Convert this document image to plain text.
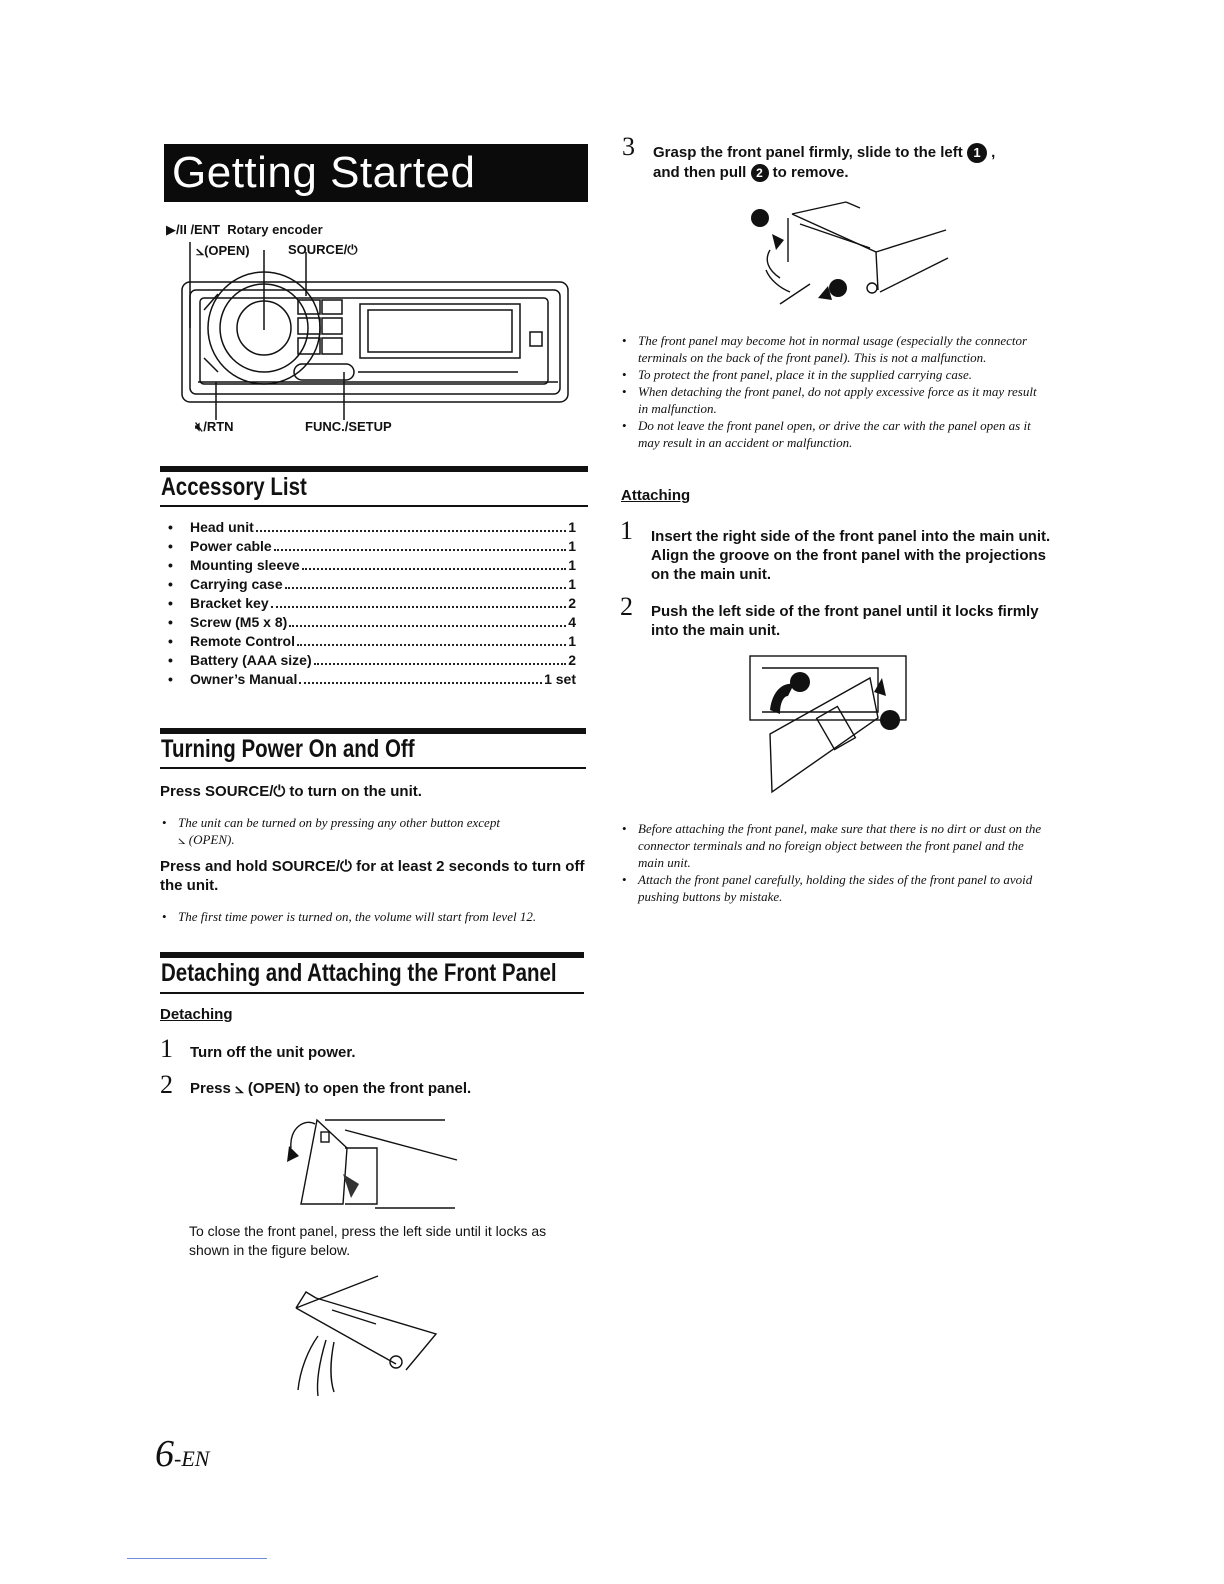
Getting Started
▶/II /ENT Rotary encoder
⦣(OPEN)	SOURCE/⏻
🔇︎/RTN	FUNC./SETUP
Accessory List
•	Head unit	1
•	Power cable	1
•	Mounting sleeve	1
•	Carrying case	1
•	Bracket key	2
•	Screw (M5 x 8)	4
•	Remote Control	1
•	Battery (AAA size)	2
•	Owner’s Manual	1 set
Turning Power On and Off
Press SOURCE/⏻ to turn on the unit.
• The unit can be turned on by pressing any other button except
⦣ (OPEN).
Press and hold SOURCE/⏻ for at least 2 seconds to turn off the unit.
• The first time power is turned on, the volume will start from level 12.
Detaching and Attaching the Front Panel
Detaching
1 Turn off the unit power.
2 Press ⦣ (OPEN) to open the front panel.
To close the front panel, press the left side until it locks as shown in the figure below.
6-EN
3 Grasp the front panel firmly, slide to the left 1 ,
and then pull 2 to remove.
• The front panel may become hot in normal usage (especially the connector terminals on the back of the front panel). This is not a malfunction.
• To protect the front panel, place it in the supplied carrying case.
• When detaching the front panel, do not apply excessive force as it may result in malfunction.
• Do not leave the front panel open, or drive the car with the panel open as it may result in an accident or malfunction.
Attaching
1 Insert the right side of the front panel into the main unit. Align the groove on the front panel with the projections on the main unit.
2 Push the left side of the front panel until it locks firmly into the main unit.
• Before attaching the front panel, make sure that there is no dirt or dust on the connector terminals and no foreign object between the front panel and the main unit.
• Attach the front panel carefully, holding the sides of the front panel to avoid pushing buttons by mistake.
